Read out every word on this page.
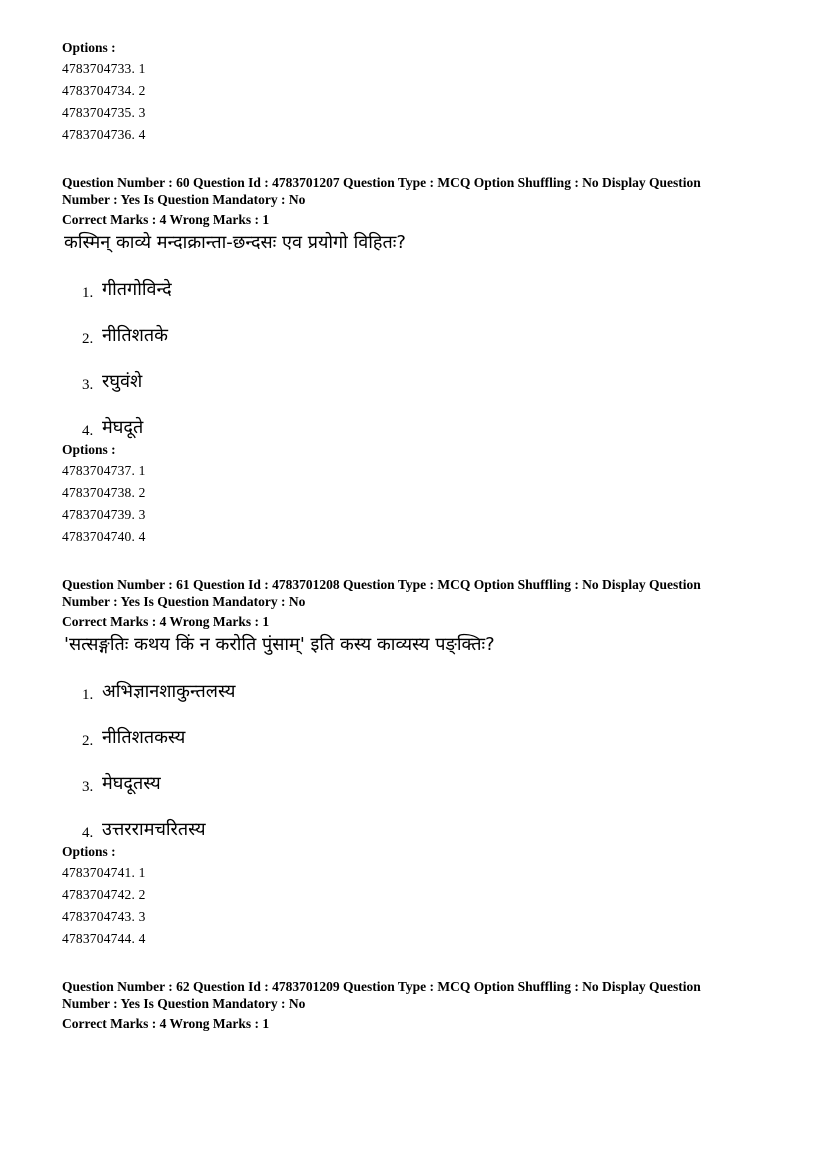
Options :

4783704733. 1

4783704734. 2

4783704735. 3

4783704736. 4

Question Number : 60 Question Id : 4783701207 Question Type : MCQ Option Shuffling : No Display Question

Number : Yes Is Question Mandatory : No

Correct Marks : 4 Wrong Marks : 1

कस्मिन् काव्ये मन्दाक्रान्ता-छन्दसः एव प्रयोगो विहितः?

1. गीतगोविन्दे
2. नीतिशतके
3. रघुवंशे
4. मेघदूते

Options :

4783704737. 1

4783704738. 2

4783704739. 3

4783704740. 4

Question Number : 61 Question Id : 4783701208 Question Type : MCQ Option Shuffling : No Display Question

Number : Yes Is Question Mandatory : No

Correct Marks : 4 Wrong Marks : 1

'सत्सङ्गतिः कथय किं न करोति पुंसाम्' इति कस्य काव्यस्य पङ्क्तिः?

1. अभिज्ञानशाकुन्तलस्य
2. नीतिशतकस्य
3. मेघदूतस्य
4. उत्तररामचरितस्य

Options :

4783704741. 1

4783704742. 2

4783704743. 3

4783704744. 4

Question Number : 62 Question Id : 4783701209 Question Type : MCQ Option Shuffling : No Display Question

Number : Yes Is Question Mandatory : No

Correct Marks : 4 Wrong Marks : 1
